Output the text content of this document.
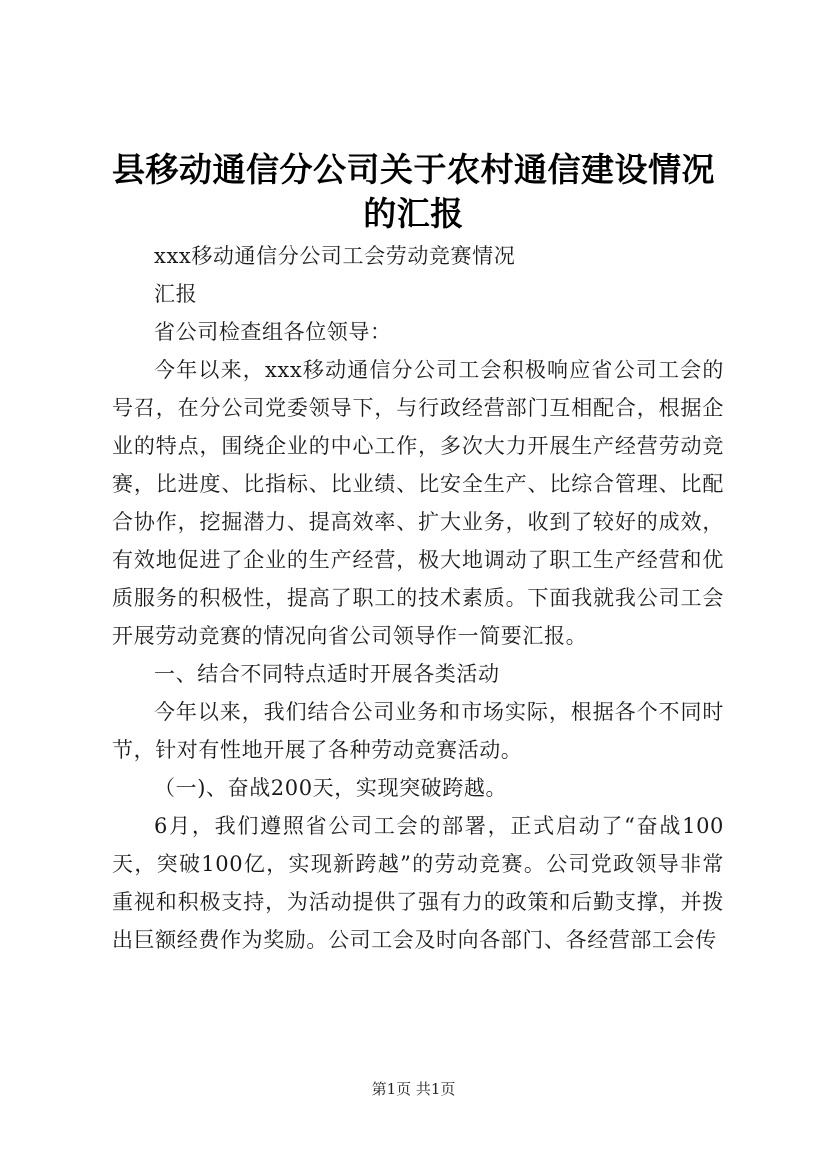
县移动通信分公司关于农村通信建设情况的汇报

xxx移动通信分公司工会劳动竞赛情况

汇报

省公司检查组各位领导：

今年以来，xxx移动通信分公司工会积极响应省公司工会的号召，在分公司党委领导下，与行政经营部门互相配合，根据企业的特点，围绕企业的中心工作，多次大力开展生产经营劳动竞赛，比进度、比指标、比业绩、比安全生产、比综合管理、比配合协作，挖掘潜力、提高效率、扩大业务，收到了较好的成效，有效地促进了企业的生产经营，极大地调动了职工生产经营和优质服务的积极性，提高了职工的技术素质。下面我就我公司工会开展劳动竞赛的情况向省公司领导作一简要汇报。

一、结合不同特点适时开展各类活动

今年以来，我们结合公司业务和市场实际，根据各个不同时节，针对有性地开展了各种劳动竞赛活动。

（一)、奋战200天，实现突破跨越。

6月，我们遵照省公司工会的部署，正式启动了“奋战100天，突破100亿，实现新跨越”的劳动竞赛。公司党政领导非常重视和积极支持，为活动提供了强有力的政策和后勤支撑，并拨出巨额经费作为奖励。公司工会及时向各部门、各经营部工会传

第1页 共1页
